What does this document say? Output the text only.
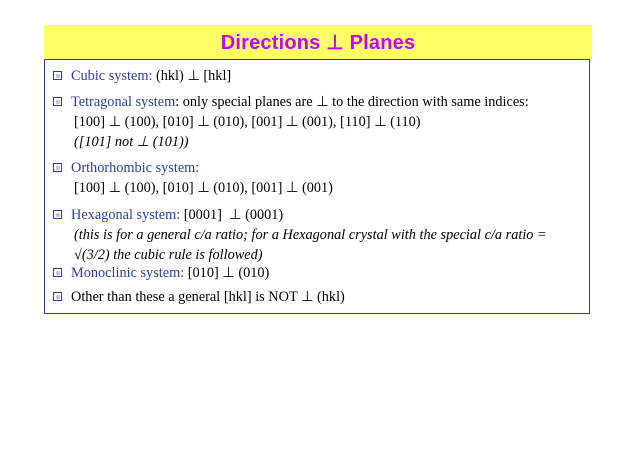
Directions ⊥ Planes
Cubic system: (hkl) ⊥ [hkl]
Tetragonal system : only special planes are ⊥ to the direction with same indices:
[100] ⊥ (100), [010] ⊥ (010), [001] ⊥ (001), [110] ⊥ (110)
([101] not ⊥ (101))
Orthorhombic system:
[100] ⊥ (100), [010] ⊥ (010), [001] ⊥ (001)
Hexagonal system: [0001]  ⊥ (0001)
(this is for a general c/a ratio; for a Hexagonal crystal with the special c/a ratio =
√(3/2) the cubic rule is followed)
Monoclinic system: [010] ⊥ (010)
Other than these a general [hkl] is NOT ⊥ (hkl)
